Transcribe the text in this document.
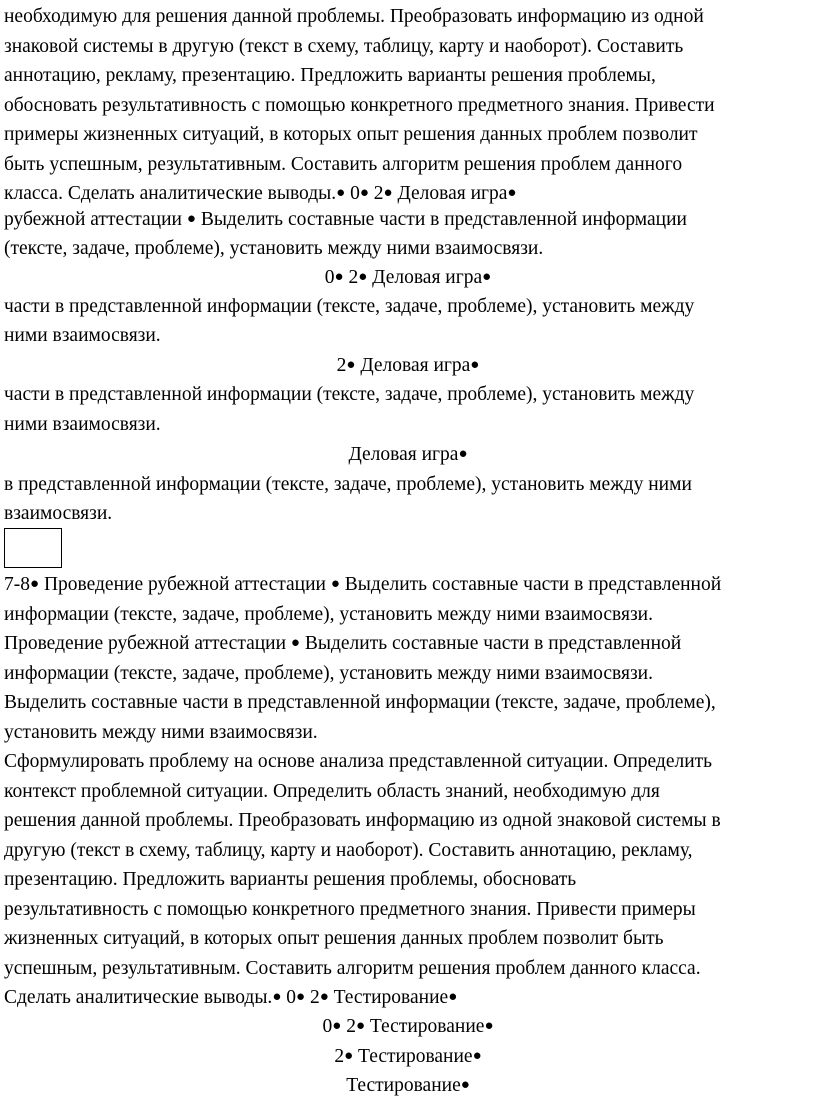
необходимую для решения данной проблемы. Преобразовать информацию из одной
знаковой системы в другую (текст в схему, таблицу, карту и наоборот). Составить
аннотацию, рекламу, презентацию. Предложить варианты решения проблемы,
обосновать результативность с помощью конкретного предметного знания. Привести
примеры жизненных ситуаций, в которых опыт решения данных проблем позволит
быть успешным, результативным. Составить алгоритм решения проблем данного
класса. Сделать аналитические выводы.● 0● 2● Деловая игра●
рубежной аттестации ● Выделить составные части в представленной информации
(тексте, задаче, проблеме), установить между ними взаимосвязи.
0● 2● Деловая игра●
части в представленной информации (тексте, задаче, проблеме), установить между
ними взаимосвязи.
2● Деловая игра●
части в представленной информации (тексте, задаче, проблеме), установить между
ними взаимосвязи.
Деловая игра●
в представленной информации (тексте, задаче, проблеме), установить между ними
взаимосвязи.
7-8● Проведение рубежной аттестации ● Выделить составные части в представленной
информации (тексте, задаче, проблеме), установить между ними взаимосвязи.
Проведение рубежной аттестации ● Выделить составные части в представленной
информации (тексте, задаче, проблеме), установить между ними взаимосвязи.
Выделить составные части в представленной информации (тексте, задаче, проблеме),
установить между ними взаимосвязи.
Сформулировать проблему на основе анализа представленной ситуации. Определить
контекст проблемной ситуации. Определить область знаний, необходимую для
решения данной проблемы. Преобразовать информацию из одной знаковой системы в
другую (текст в схему, таблицу, карту и наоборот). Составить аннотацию, рекламу,
презентацию. Предложить варианты решения проблемы, обосновать
результативность с помощью конкретного предметного знания. Привести примеры
жизненных ситуаций, в которых опыт решения данных проблем позволит быть
успешным, результативным. Составить алгоритм решения проблем данного класса.
Сделать аналитические выводы.● 0● 2● Тестирование●
0● 2● Тестирование●
2● Тестирование●
Тестирование●
